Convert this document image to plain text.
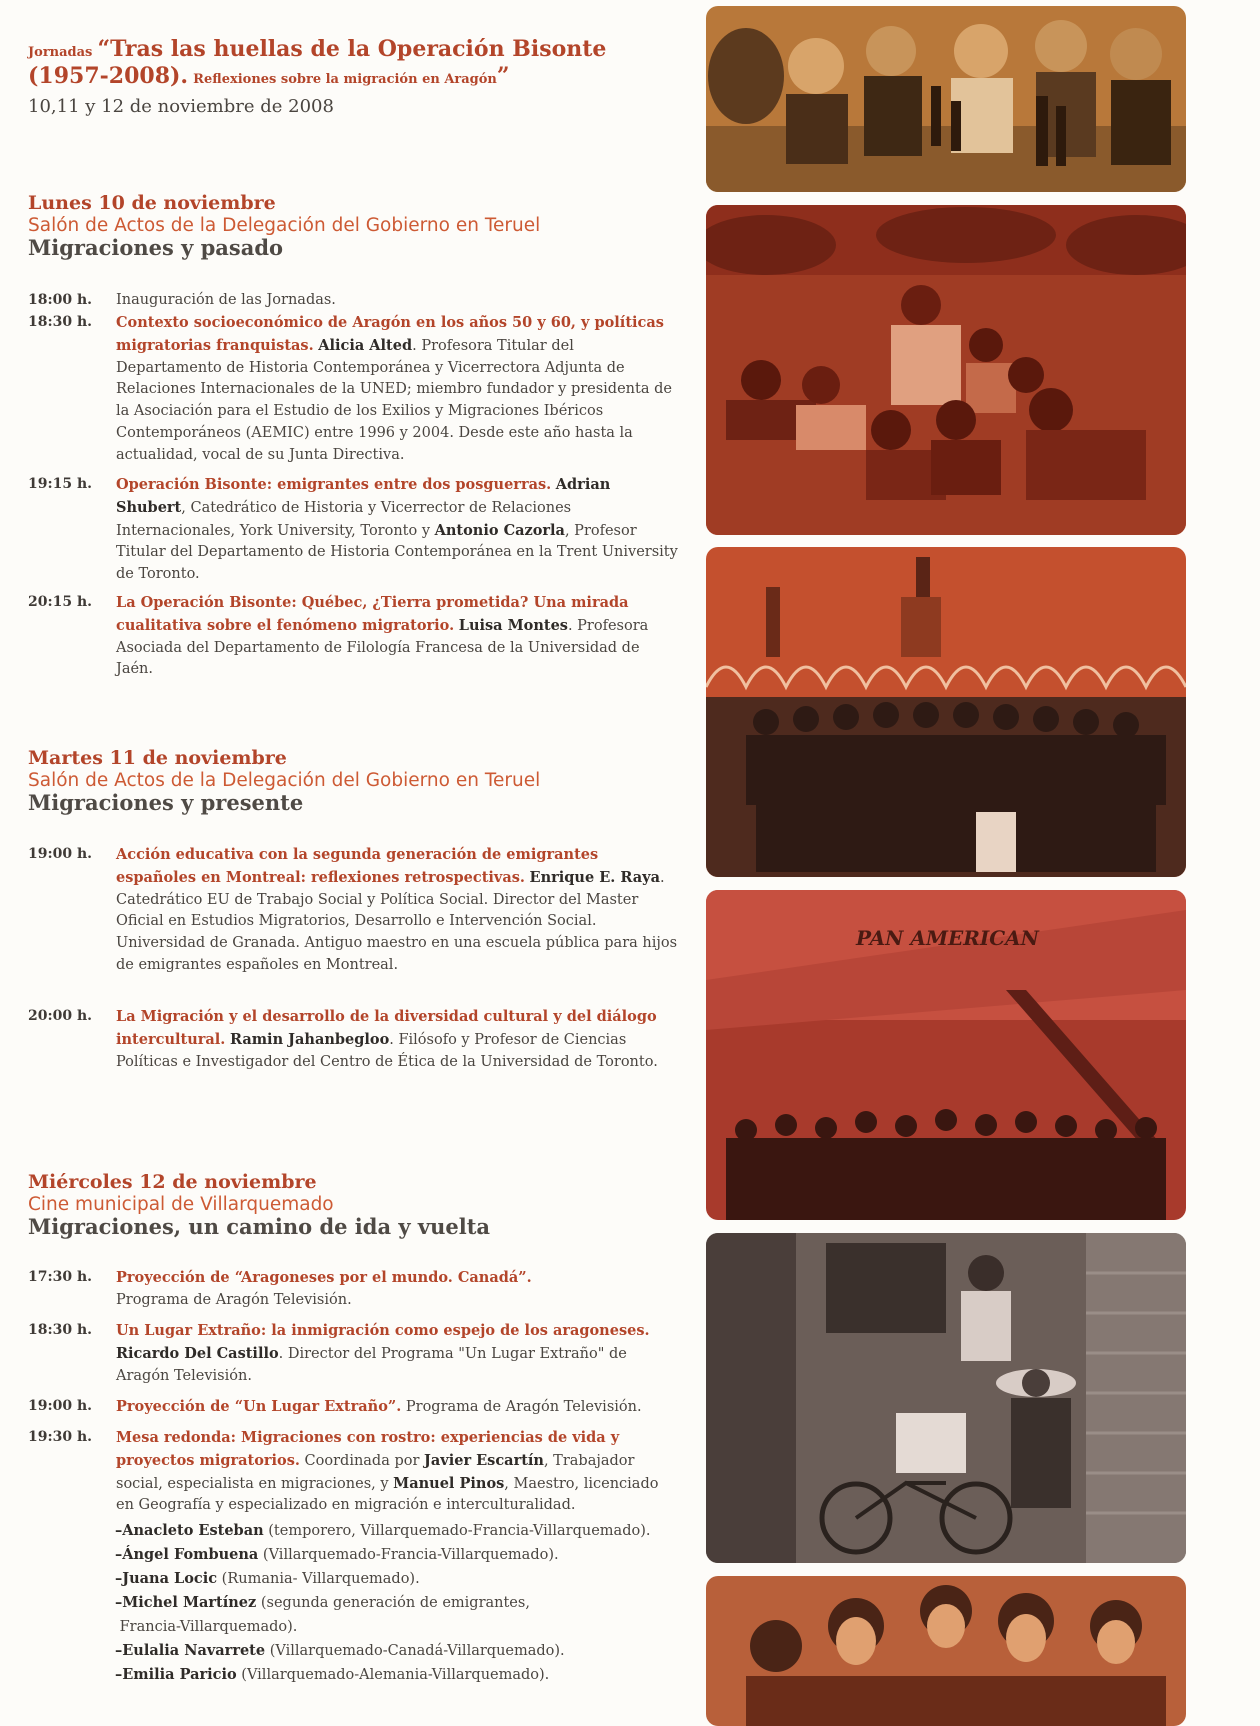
Jornadas “Tras las huellas de la Operación Bisonte
(1957-2008). Reflexiones sobre la migración en Aragón”
10,11 y 12 de noviembre de 2008
Lunes 10 de noviembre
Salón de Actos de la Delegación del Gobierno en Teruel
Migraciones y pasado
18:00 h.	Inauguración de las Jornadas.
18:30 h.	Contexto socioeconómico de Aragón en los años 50 y 60, y políticas migratorias franquistas. Alicia Alted. Profesora Titular del Departamento de Historia Contemporánea y Vicerrectora Adjunta de Relaciones Internacionales de la UNED; miembro fundador y presidenta de la Asociación para el Estudio de los Exilios y Migraciones Ibéricos Contemporáneos (AEMIC) entre 1996 y 2004. Desde este año hasta la actualidad, vocal de su Junta Directiva.
19:15 h.	Operación Bisonte: emigrantes entre dos posguerras. Adrian Shubert, Catedrático de Historia y Vicerrector de Relaciones Internacionales, York University, Toronto y Antonio Cazorla, Profesor Titular del Departamento de Historia Contemporánea en la Trent University de Toronto.
20:15 h.	La Operación Bisonte: Québec, ¿Tierra prometida? Una mirada cualitativa sobre el fenómeno migratorio. Luisa Montes. Profesora Asociada del Departamento de Filología Francesa de la Universidad de Jaén.
Martes 11 de noviembre
Salón de Actos de la Delegación del Gobierno en Teruel
Migraciones y presente
19:00 h.	Acción educativa con la segunda generación de emigrantes españoles en Montreal: reflexiones retrospectivas. Enrique E. Raya. Catedrático EU de Trabajo Social y Política Social. Director del Master Oficial en Estudios Migratorios, Desarrollo e Intervención Social. Universidad de Granada. Antiguo maestro en una escuela pública para hijos de emigrantes españoles en Montreal.
20:00 h.	La Migración y el desarrollo de la diversidad cultural y del diálogo intercultural. Ramin Jahanbegloo. Filósofo y Profesor de Ciencias Políticas e Investigador del Centro de Ética de la Universidad de Toronto.
Miércoles 12 de noviembre
Cine municipal de Villarquemado
Migraciones, un camino de ida y vuelta
17:30 h.	Proyección de “Aragoneses por el mundo. Canadá”.
Programa de Aragón Televisión.
18:30 h.	Un Lugar Extraño: la inmigración como espejo de los aragoneses. Ricardo Del Castillo. Director del Programa "Un Lugar Extraño" de Aragón Televisión.
19:00 h.	Proyección de “Un Lugar Extraño”. Programa de Aragón Televisión.
19:30 h.	Mesa redonda: Migraciones con rostro: experiencias de vida y proyectos migratorios. Coordinada por Javier Escartín, Trabajador social, especialista en migraciones, y Manuel Pinos, Maestro, licenciado en Geografía y especializado en migración e interculturalidad.
–Anacleto Esteban (temporero, Villarquemado-Francia-Villarquemado).
–Ángel Fombuena (Villarquemado-Francia-Villarquemado).
–Juana Locic (Rumania- Villarquemado).
–Michel Martínez (segunda generación de emigrantes,
Francia-Villarquemado).
–Eulalia Navarrete (Villarquemado-Canadá-Villarquemado).
–Emilia Paricio (Villarquemado-Alemania-Villarquemado).
PAN AMERICAN
